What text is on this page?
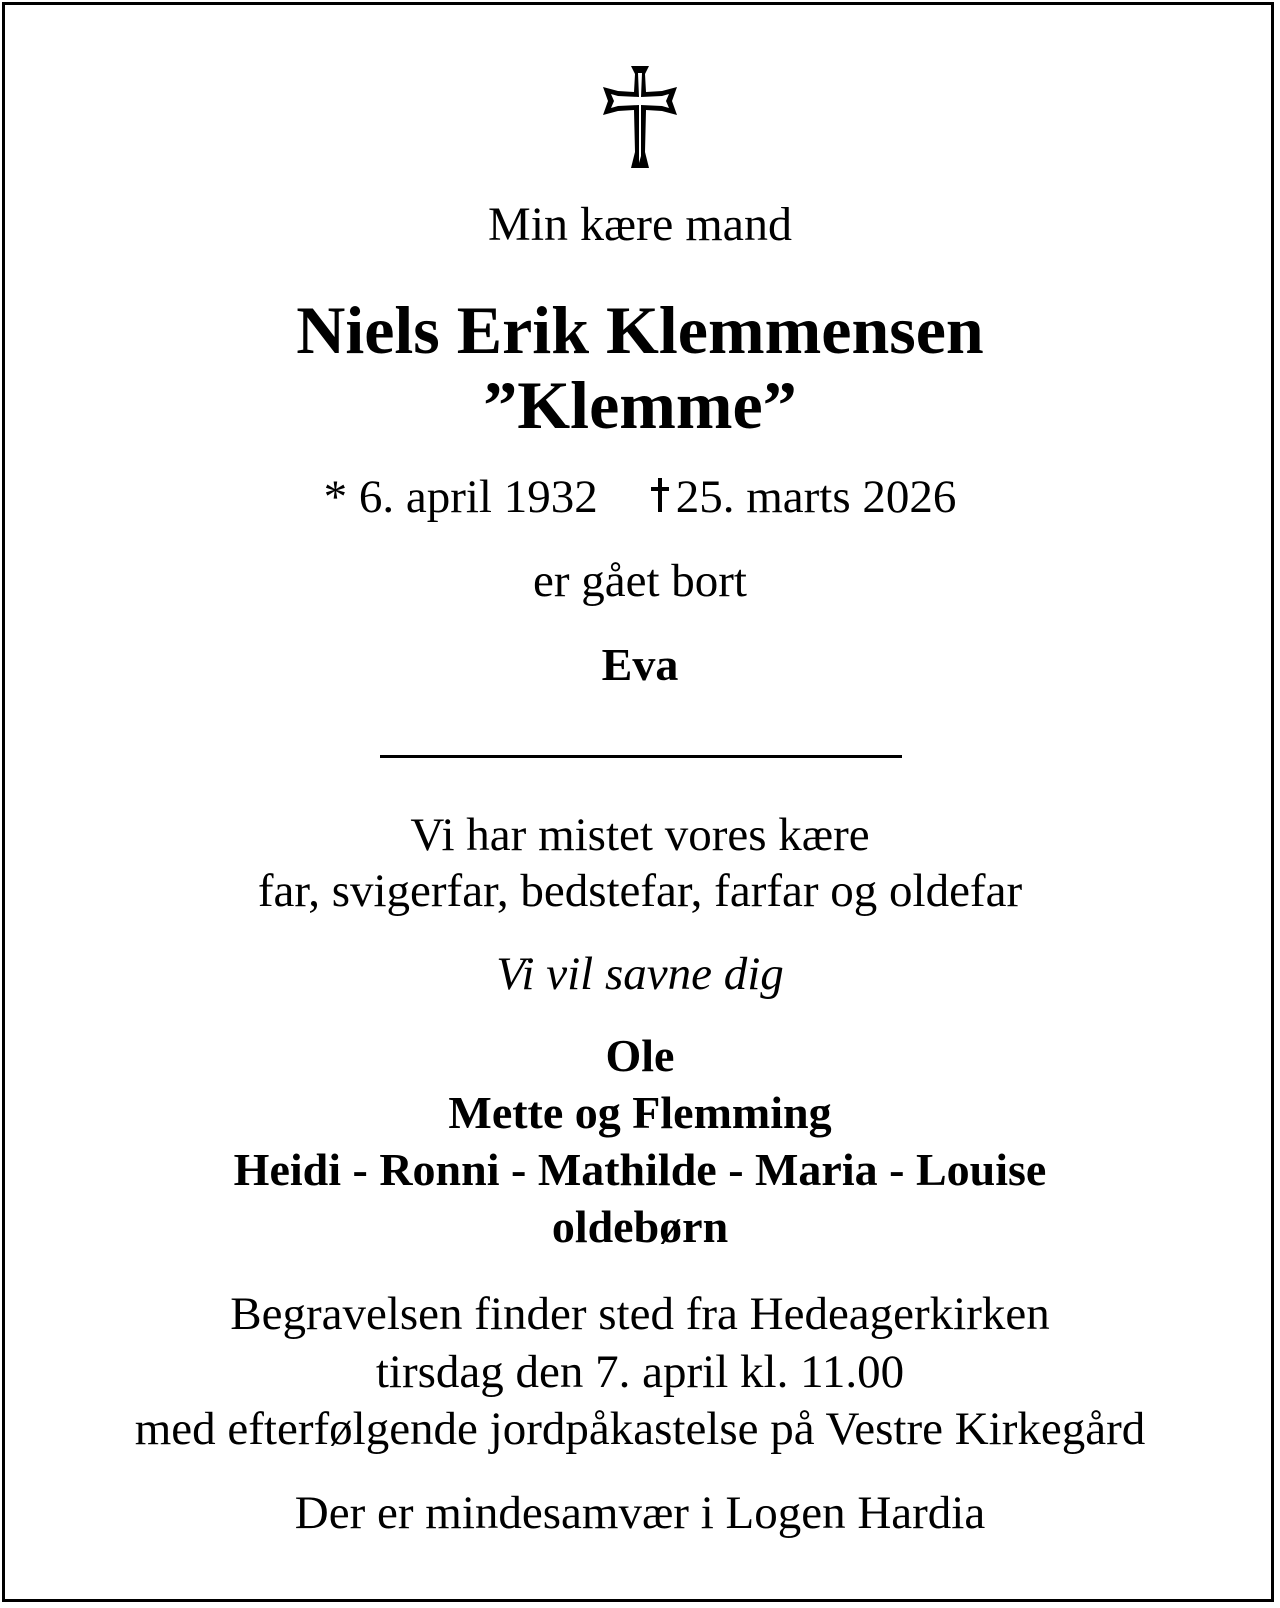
Min kære mand
Niels Erik Klemmensen
”Klemme”
* 6. april 1932 25. marts 2026
er gået bort
Eva
Vi har mistet vores kære
far, svigerfar, bedstefar, farfar og oldefar
Vi vil savne dig
Ole
Mette og Flemming
Heidi - Ronni - Mathilde - Maria - Louise
oldebørn
Begravelsen finder sted fra Hedeagerkirken
tirsdag den 7. april kl. 11.00
med efterfølgende jordpåkastelse på Vestre Kirkegård
Der er mindesamvær i Logen Hardia
